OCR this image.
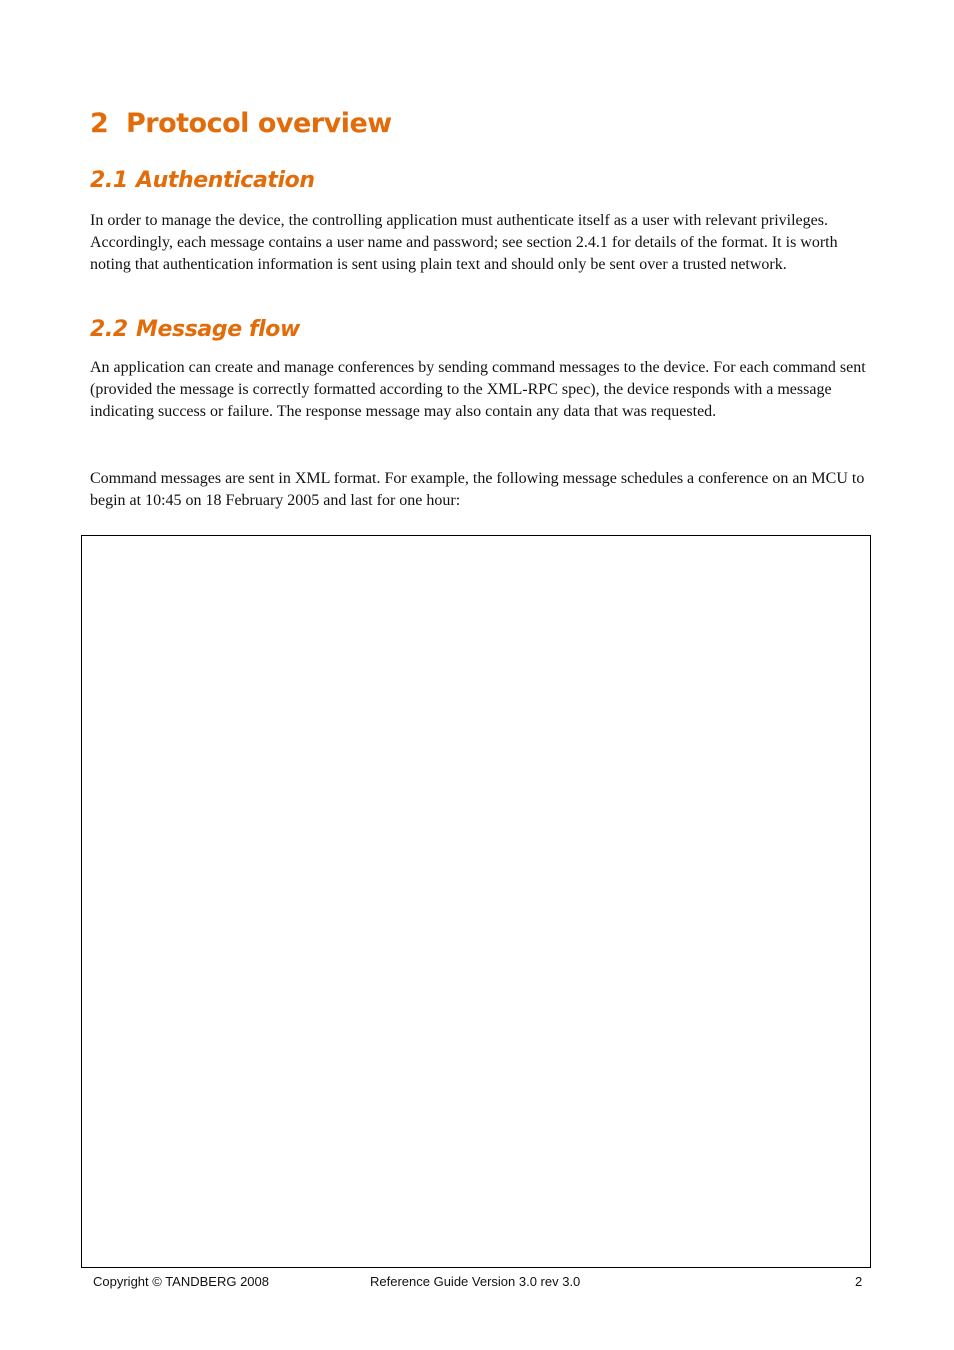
2 Protocol overview
2.1 Authentication

In order to manage the device, the controlling application must authenticate itself as a user with relevant privileges. Accordingly, each message contains a user name and password; see section 2.4.1 for details of the format. It is worth noting that authentication information is sent using plain text and should only be sent over a trusted network.

2.2 Message flow

An application can create and manage conferences by sending command messages to the device. For each command sent (provided the message is correctly formatted according to the XML-RPC spec), the device responds with a message indicating success or failure. The response message may also contain any data that was requested.

Command messages are sent in XML format. For example, the following message schedules a conference on an MCU to begin at 10:45 on 18 February 2005 and last for one hour:

Copyright © TANDBERG 2008	Reference Guide Version 3.0 rev 3.0	2
